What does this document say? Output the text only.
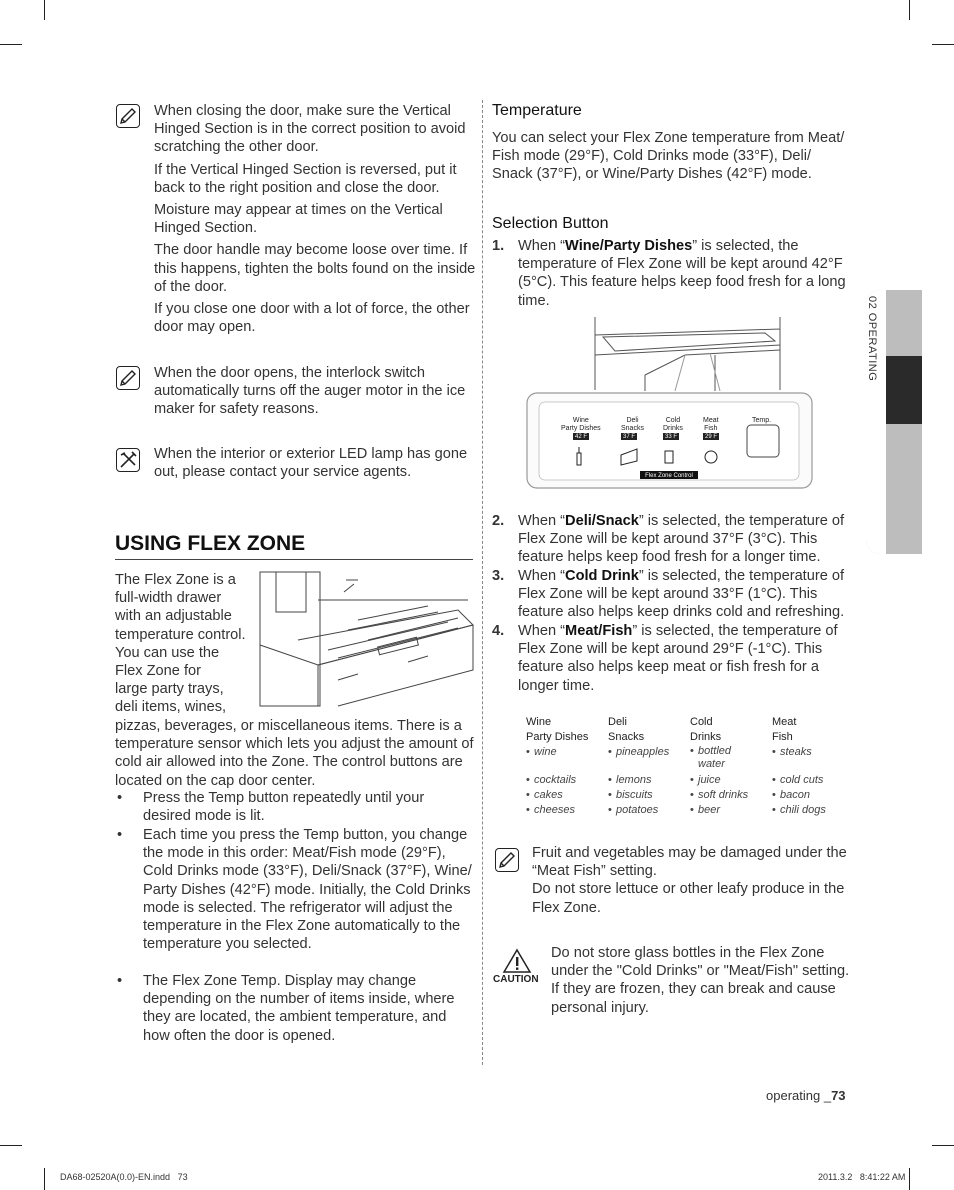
02 OPERATING

When closing the door, make sure the Vertical Hinged Section is in the correct position to avoid scratching the other door.

If the Vertical Hinged Section is reversed, put it back to the right position and close the door.

Moisture may appear at times on the Vertical Hinged Section.

The door handle may become loose over time. If this happens, tighten the bolts found on the inside of the door.

If you close one door with a lot of force, the other door may open.

When the door opens, the interlock switch automatically turns off the auger motor in the ice maker for safety reasons.
When the interior or exterior LED lamp has gone out, please contact your service agents.
USING FLEX ZONE
The Flex Zone is a
full-width drawer
with an adjustable
temperature control.
You can use the
Flex Zone for
large party trays,
deli items, wines,
pizzas, beverages, or miscellaneous items. There is a temperature sensor which lets you adjust the amount of cold air allowed into the Zone. The control buttons are located on the cap door center.
• Press the Temp button repeatedly until your desired mode is lit.
• Each time you press the Temp button, you change the mode in this order: Meat/Fish mode (29°F), Cold Drinks mode (33°F), Deli/Snack (37°F), Wine/ Party Dishes (42°F) mode. Initially, the Cold Drinks mode is selected. The refrigerator will adjust the temperature in the Flex Zone automatically to the temperature you selected.
• The Flex Zone Temp. Display may change depending on the number of items inside, where they are located, the ambient temperature, and how often the door is opened.
Temperature
You can select your Flex Zone temperature from Meat/ Fish mode (29°F), Cold Drinks mode (33°F), Deli/ Snack (37°F), or Wine/Party Dishes (42°F) mode.
Selection Button
1. When “Wine/Party Dishes” is selected, the temperature of Flex Zone will be kept around 42°F (5°C). This feature helps keep food fresh for a long time.
Wine
Party Dishes
42 F
Deli
Snacks
37 F
Cold
Drinks
33 F
Meat
Fish
29 F
Temp.
Flex Zone Control
2. When “Deli/Snack” is selected, the temperature of Flex Zone will be kept around 37°F (3°C). This feature helps keep food fresh for a longer time.
3. When “Cold Drink” is selected, the temperature of Flex Zone will be kept around 33°F (1°C). This feature also helps keep drinks cold and refreshing.
4. When “Meat/Fish” is selected, the temperature of Flex Zone will be kept around 29°F (-1°C). This feature also helps keep meat or fish fresh for a longer time.
Wine
Party Dishes
• wine
• cocktails
• cakes
• cheeses
Deli
Snacks
• pineapples
• lemons
• biscuits
• potatoes
Cold
Drinks
• bottled water
• juice
• soft drinks
• beer
Meat
Fish
• steaks
• cold cuts
• bacon
• chili dogs
Fruit and vegetables may be damaged under the “Meat Fish” setting.
Do not store lettuce or other leafy produce in the Flex Zone.
CAUTION
Do not store glass bottles in the Flex Zone under the "Cold Drinks" or "Meat/Fish" setting. If they are frozen, they can break and cause personal injury.
operating _73
DA68-02520A(0.0)-EN.indd   73	2011.3.2   8:41:22 AM
